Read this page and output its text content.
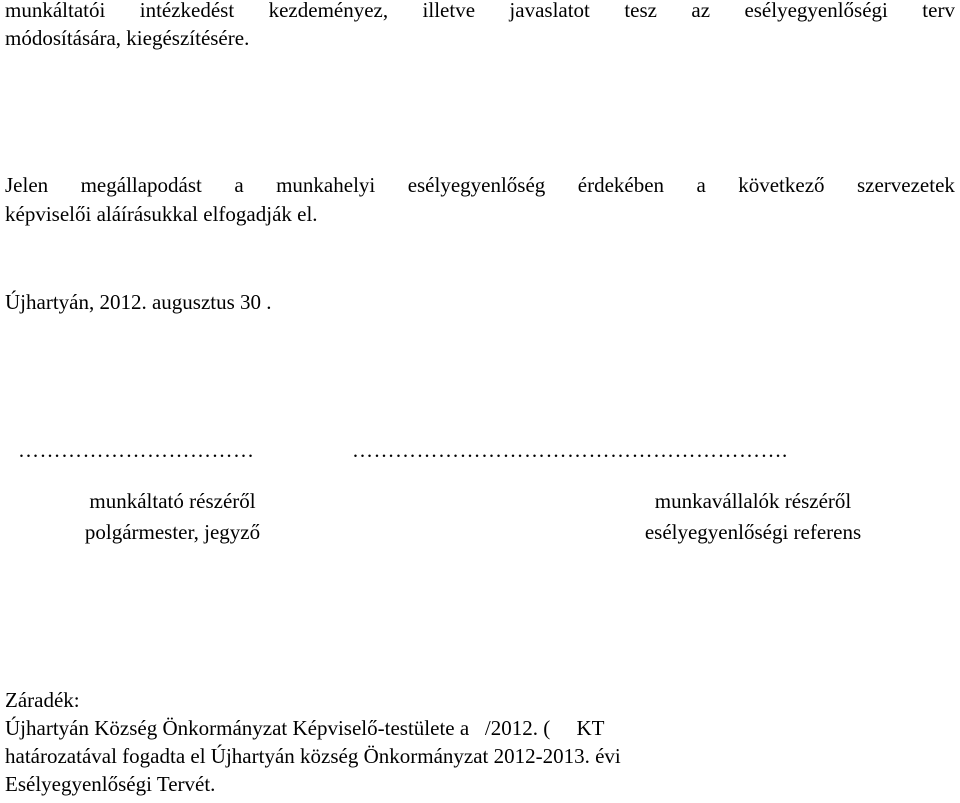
munkáltatói intézkedést kezdeményez, illetve javaslatot tesz az esélyegyenlőségi terv
módosítására, kiegészítésére.
Jelen megállapodást a munkahelyi esélyegyenlőség érdekében a következő szervezetek
képviselői aláírásukkal elfogadják el.
Újhartyán, 2012. augusztus 30 .
……………………………	…………………………………………………….
munkáltató részéről
polgármester, jegyző
munkavállalók részéről
esélyegyenlőségi referens
Záradék:
Újhartyán Község Önkormányzat Képviselő-testülete a   /2012. (     KT
határozatával fogadta el Újhartyán község Önkormányzat 2012-2013. évi
Esélyegyenlőségi Tervét.
